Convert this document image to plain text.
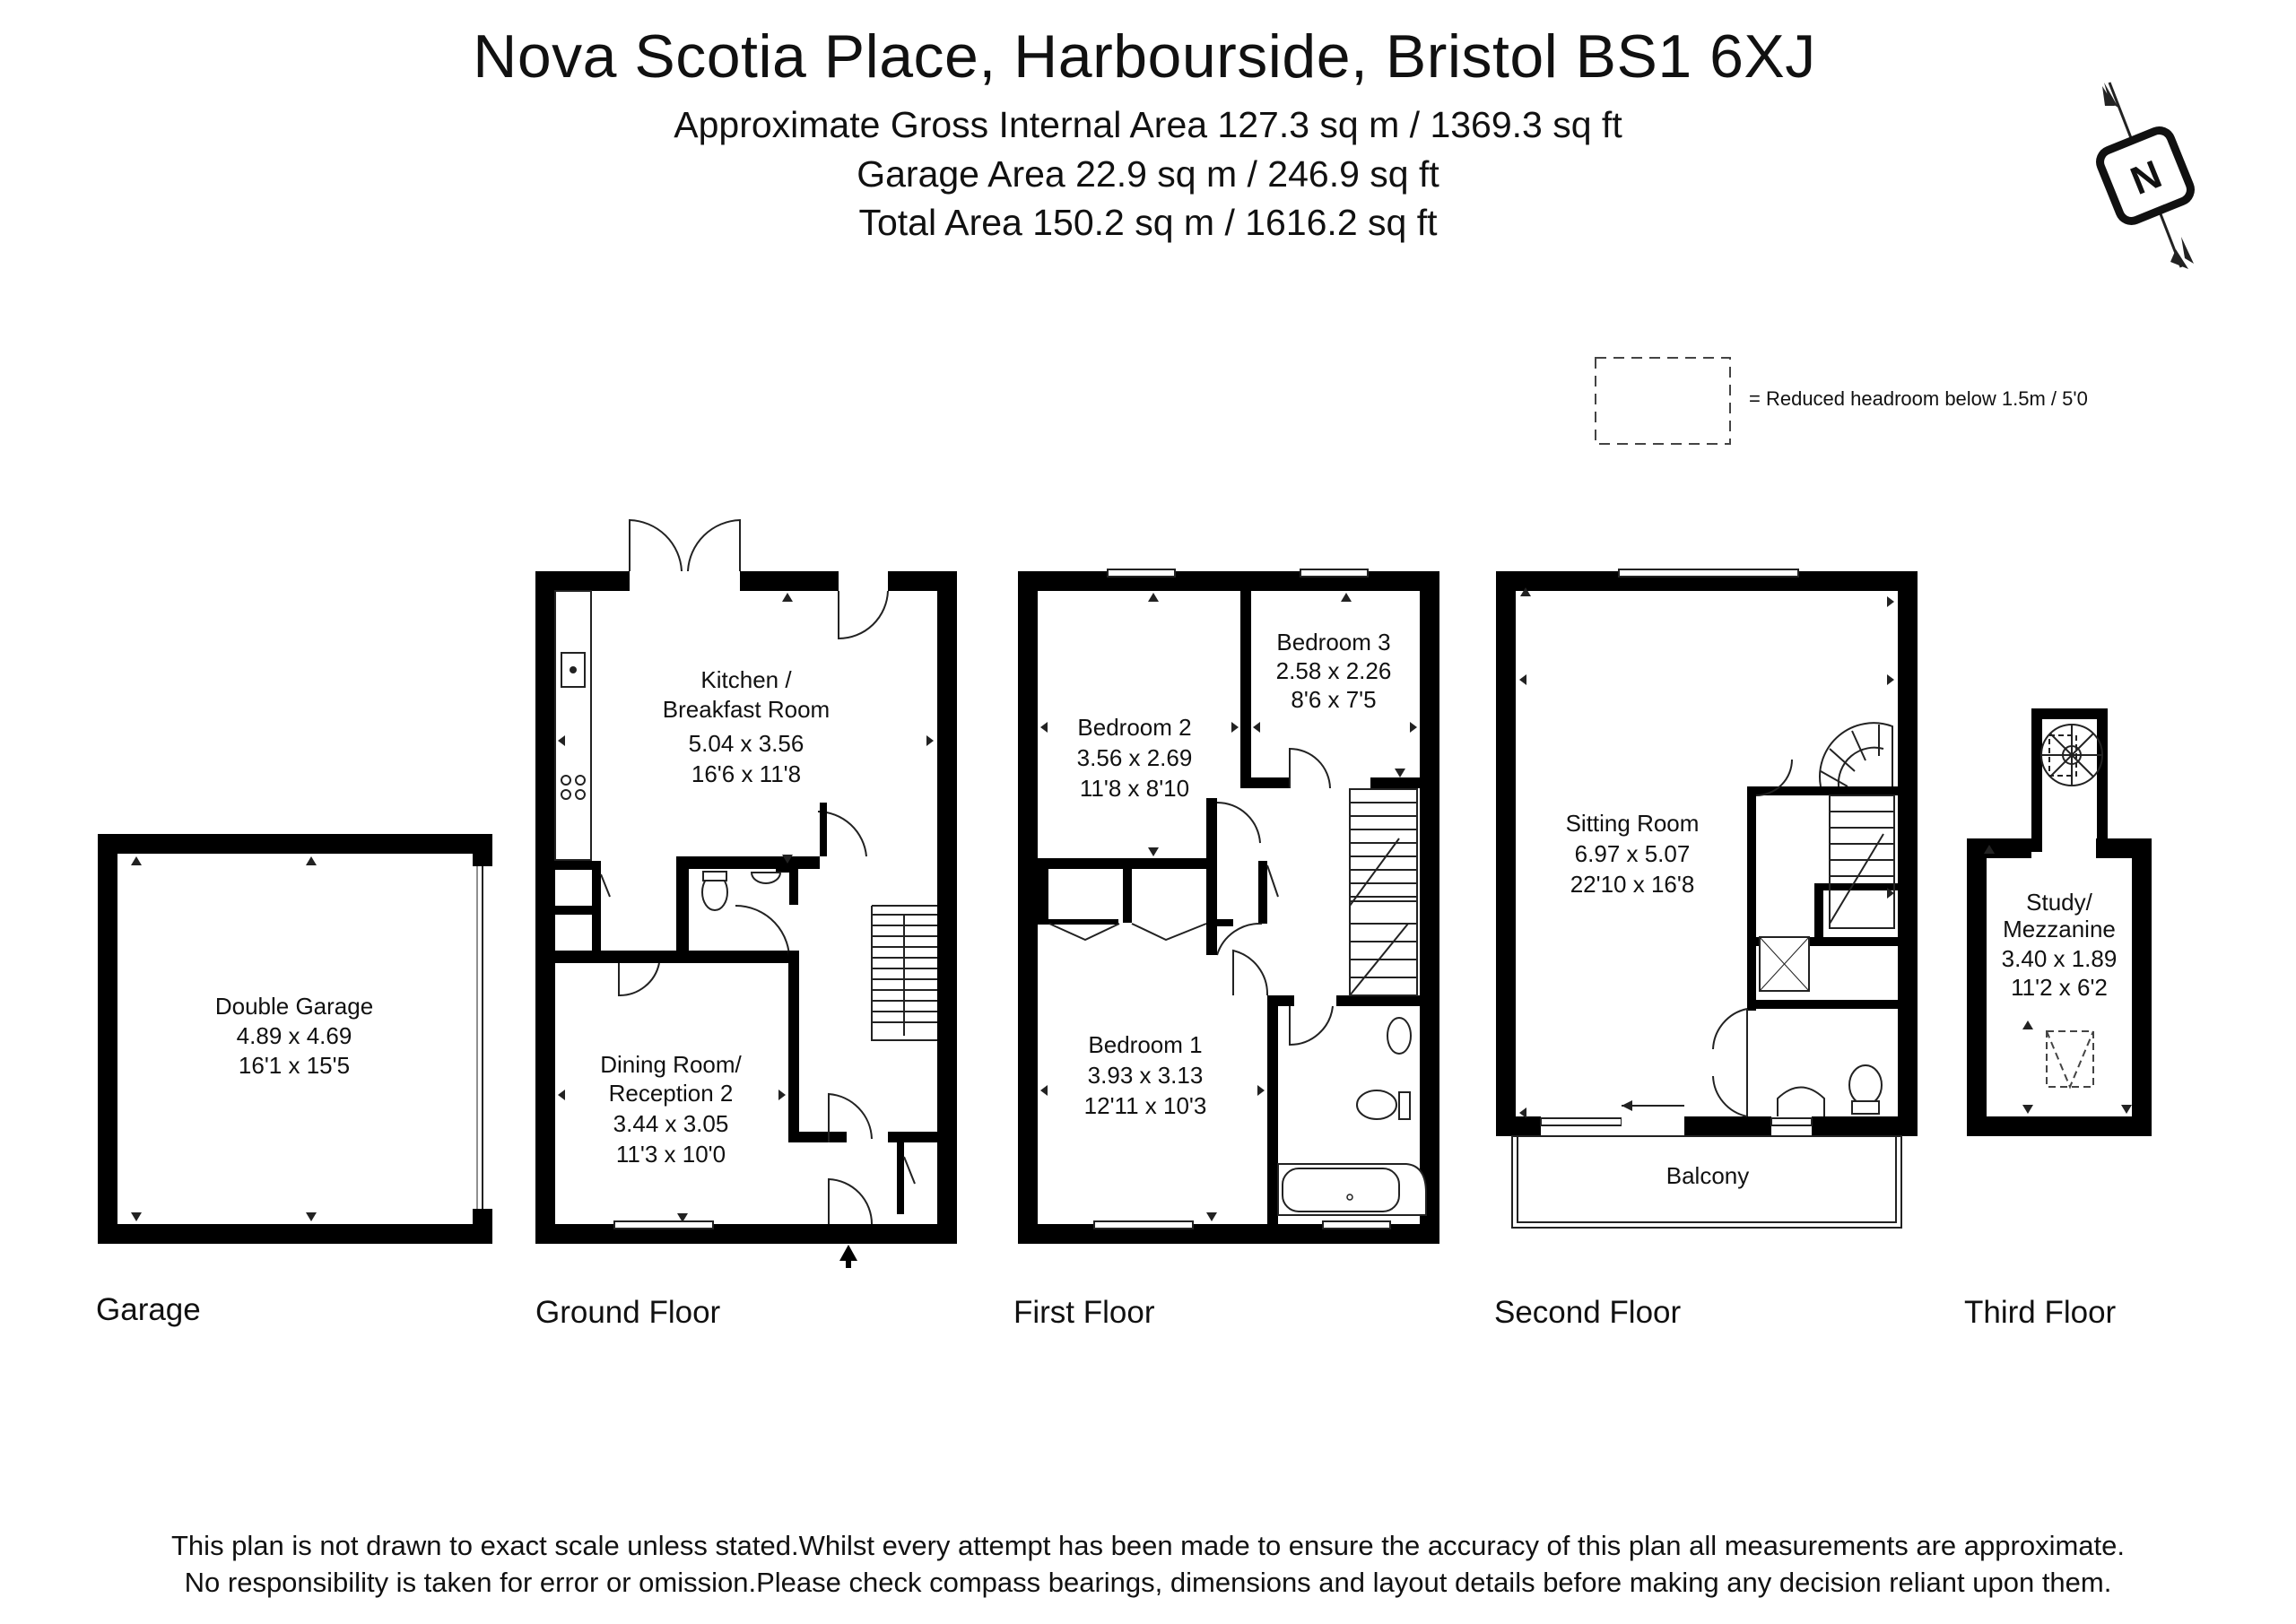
Nova Scotia Place, Harbourside, Bristol BS1 6XJ
Approximate Gross Internal Area 127.3 sq m / 1369.3 sq ft
Garage Area 22.9 sq m / 246.9 sq ft
Total Area 150.2 sq m / 1616.2 sq ft
N
= Reduced headroom below 1.5m / 5'0
Double Garage
4.89 x 4.69
16'1 x 15'5
Kitchen /
Breakfast Room
5.04 x 3.56
16'6 x 11'8
Dining Room/
Reception 2
3.44 x 3.05
11'3 x 10'0
Bedroom 2
3.56 x 2.69
11'8 x 8'10
Bedroom 3
2.58 x 2.26
8'6 x 7'5
Bedroom 1
3.93 x 3.13
12'11 x 10'3
Sitting Room
6.97 x 5.07
22'10 x 16'8
Balcony
Study/
Mezzanine
3.40 x 1.89
11'2 x 6'2
Garage	Ground Floor	First Floor	Second Floor	Third Floor
This plan is not drawn to exact scale unless stated.Whilst every attempt has been made to ensure the accuracy of this plan all measurements are approximate.
No responsibility is taken for error or omission.Please check compass bearings, dimensions and layout details before making any decision reliant upon them.
